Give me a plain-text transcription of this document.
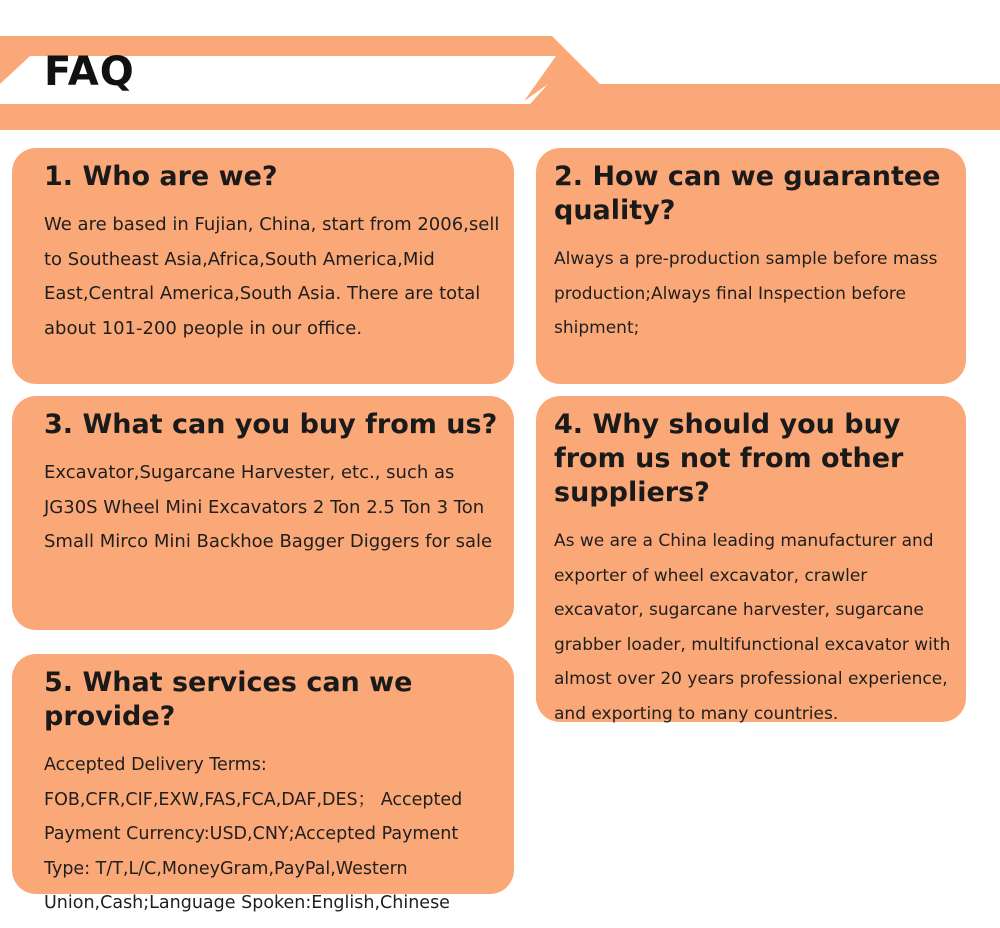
FAQ
1. Who are we?

We are based in Fujian, China, start from 2006,sell to Southeast Asia,Africa,South America,Mid East,Central America,South Asia. There are total about 101-200 people in our office.

2. How can we guarantee quality?

Always a pre-production sample before mass production;Always final Inspection before shipment;

3. What can you buy from us?

Excavator,Sugarcane Harvester, etc., such as JG30S Wheel Mini Excavators 2 Ton 2.5 Ton 3 Ton Small Mirco Mini Backhoe Bagger Diggers for sale

4. Why should you buy from us not from other suppliers?

As we are a China leading manufacturer and exporter of wheel excavator, crawler excavator, sugarcane harvester, sugarcane grabber loader, multifunctional excavator with almost over 20 years professional experience, and exporting to many countries.

5. What services can we provide?

Accepted Delivery Terms: FOB,CFR,CIF,EXW,FAS,FCA,DAF,DES； Accepted Payment Currency:USD,CNY;Accepted Payment Type: T/T,L/C,MoneyGram,PayPal,Western Union,Cash;Language Spoken:English,Chinese
